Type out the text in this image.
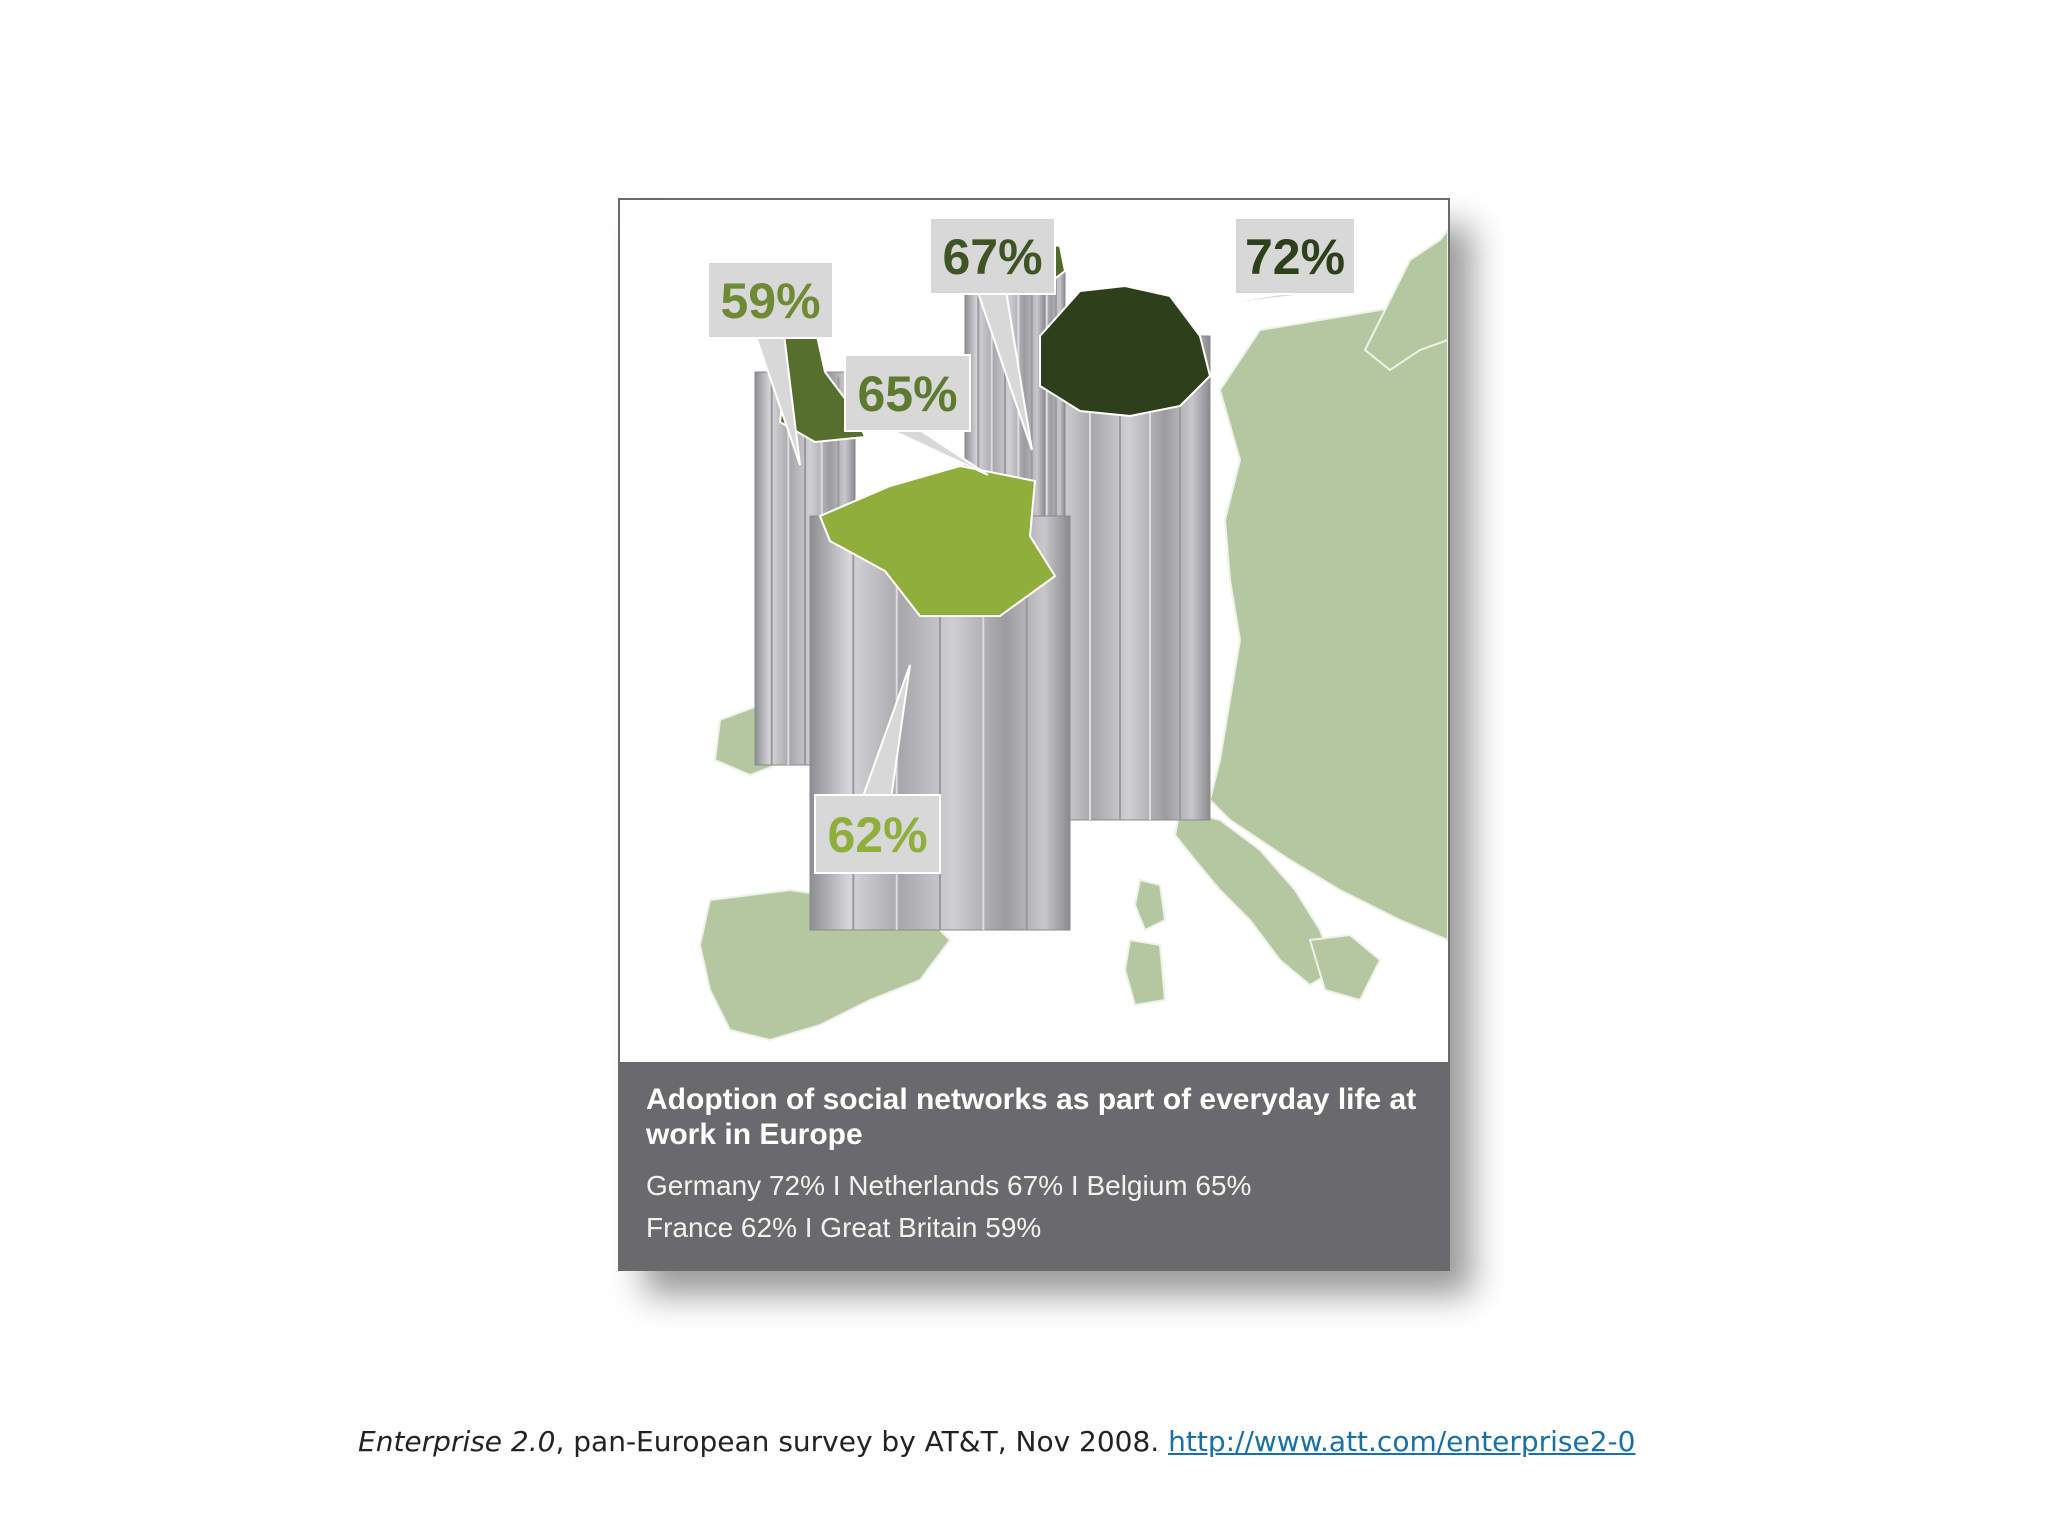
72%
67%
65%
59%
62%

Adoption of social networks as part of everyday life at work in Europe

Germany 72% I Netherlands 67% I Belgium 65%
France 62% I Great Britain 59%
Enterprise 2.0, pan-European survey by AT&T, Nov 2008. http://www.att.com/enterprise2-0
